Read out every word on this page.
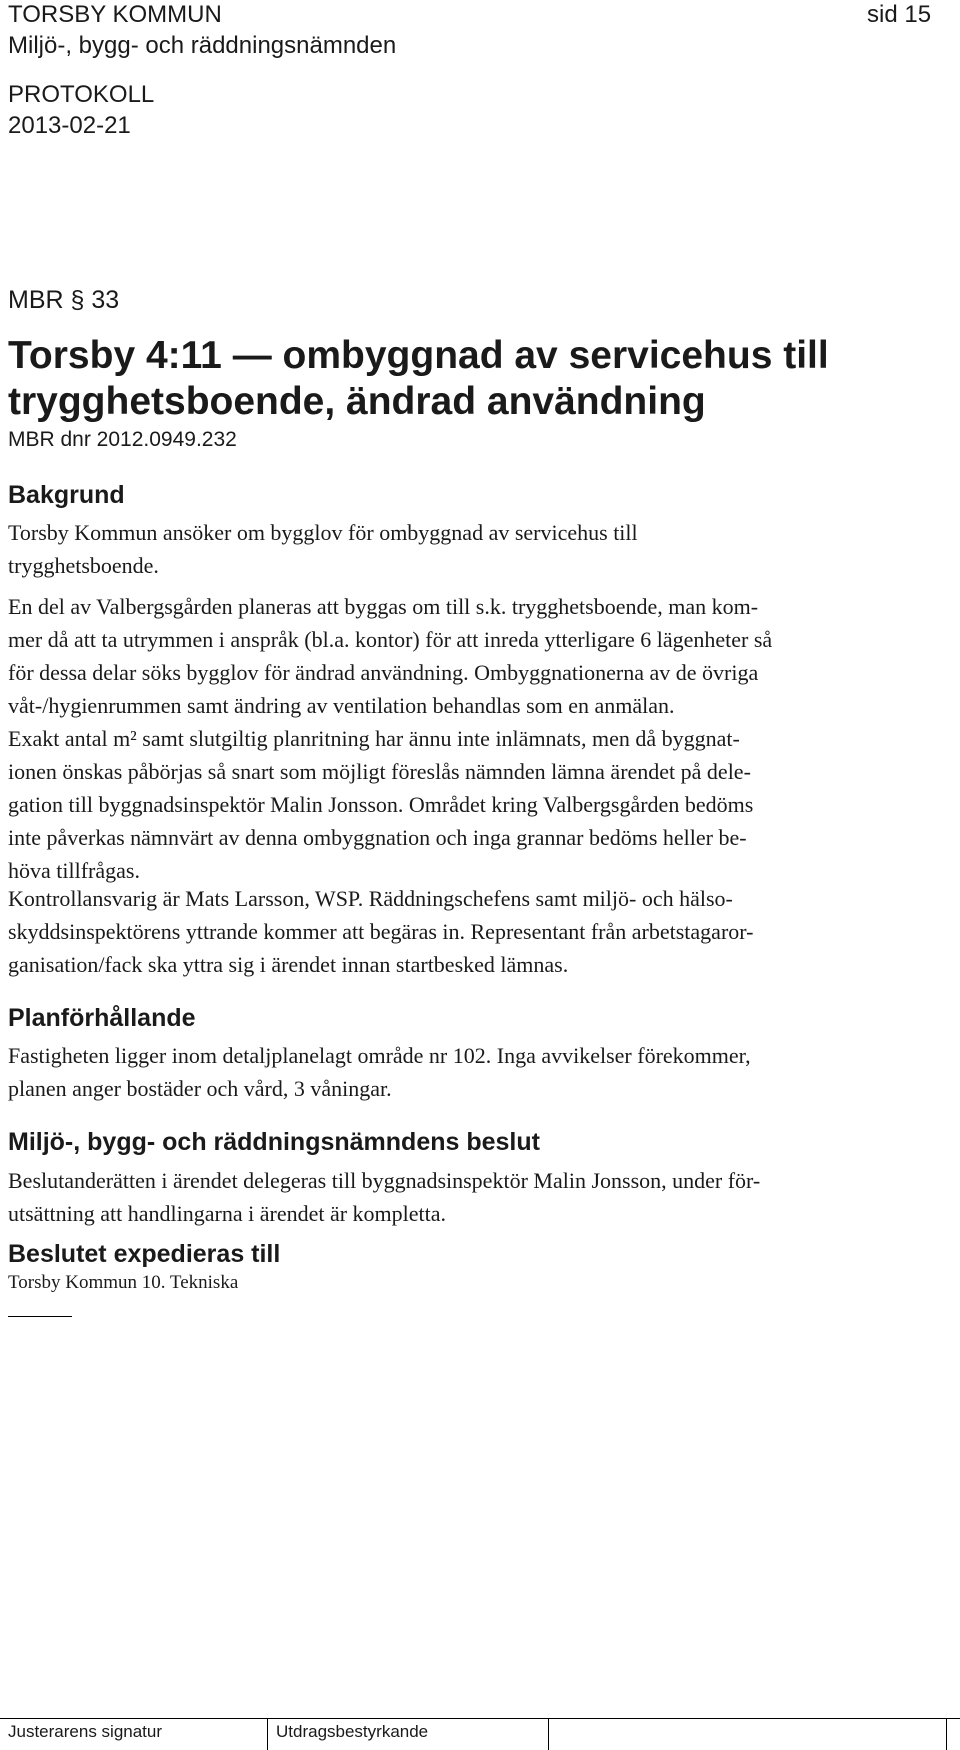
TORSBY KOMMUN
Miljö-, bygg- och räddningsnämnden
PROTOKOLL
2013-02-21
sid 15
MBR § 33

Torsby 4:11 — ombyggnad av servicehus till

trygghetsboende, ändrad användning

MBR dnr 2012.0949.232

Bakgrund

Torsby Kommun ansöker om bygglov för ombyggnad av servicehus till

trygghetsboende.

En del av Valbergsgården planeras att byggas om till s.k. trygghetsboende, man kom-

mer då att ta utrymmen i anspråk (bl.a. kontor) för att inreda ytterligare 6 lägenheter så

för dessa delar söks bygglov för ändrad användning. Ombyggnationerna av de övriga

våt-/hygienrummen samt ändring av ventilation behandlas som en anmälan.

Exakt antal m² samt slutgiltig planritning har ännu inte inlämnats, men då byggnat-

ionen önskas påbörjas så snart som möjligt föreslås nämnden lämna ärendet på dele-

gation till byggnadsinspektör Malin Jonsson. Området kring Valbergsgården bedöms

inte påverkas nämnvärt av denna ombyggnation och inga grannar bedöms heller be-

höva tillfrågas.

Kontrollansvarig är Mats Larsson, WSP. Räddningschefens samt miljö- och hälso-

skyddsinspektörens yttrande kommer att begäras in. Representant från arbetstagaror-

ganisation/fack ska yttra sig i ärendet innan startbesked lämnas.

Planförhållande

Fastigheten ligger inom detaljplanelagt område nr 102. Inga avvikelser förekommer,

planen anger bostäder och vård, 3 våningar.

Miljö-, bygg- och räddningsnämndens beslut

Beslutanderätten i ärendet delegeras till byggnadsinspektör Malin Jonsson, under för-

utsättning att handlingarna i ärendet är kompletta.

Beslutet expedieras till

Torsby Kommun 10. Tekniska
Justerarens signatur	Utdragsbestyrkande
